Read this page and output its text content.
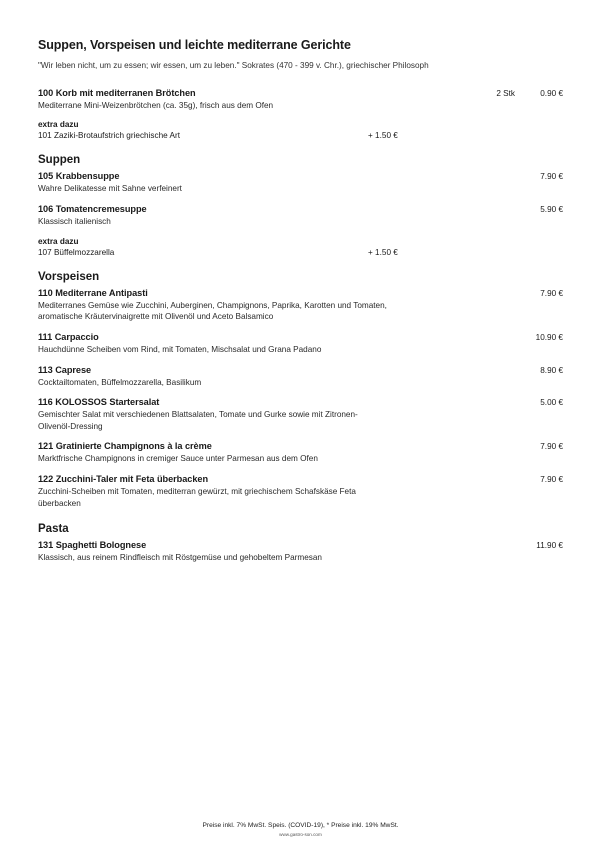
Suppen, Vorspeisen und leichte mediterrane Gerichte

"Wir leben nicht, um zu essen; wir essen, um zu leben." Sokrates (470 - 399 v. Chr.), griechischer Philosoph

100 Korb mit mediterranen Brötchen	2 Stk	0.90 €
Mediterrane Mini-Weizenbrötchen (ca. 35g), frisch aus dem Ofen
extra dazu
101 Zaziki-Brotaufstrich griechische Art	+ 1.50 €
Suppen
105 Krabbensuppe	7.90 €
Wahre Delikatesse mit Sahne verfeinert
106 Tomatencremesuppe	5.90 €
Klassisch italienisch
extra dazu
107 Büffelmozzarella	+ 1.50 €
Vorspeisen
110 Mediterrane Antipasti	7.90 €
Mediterranes Gemüse wie Zucchini, Auberginen, Champignons, Paprika, Karotten und Tomaten, aromatische Kräutervinaigrette mit Olivenöl und Aceto Balsamico
111 Carpaccio	10.90 €
Hauchdünne Scheiben vom Rind, mit Tomaten, Mischsalat und Grana Padano
113 Caprese	8.90 €
Cocktailtomaten, Büffelmozzarella, Basilikum
116 KOLOSSOS Startersalat	5.00 €
Gemischter Salat mit verschiedenen Blattsalaten, Tomate und Gurke sowie mit Zitronen-Olivenöl-Dressing
121 Gratinierte Champignons à la crème	7.90 €
Marktfrische Champignons in cremiger Sauce unter Parmesan aus dem Ofen
122 Zucchini-Taler mit Feta überbacken	7.90 €
Zucchini-Scheiben mit Tomaten, mediterran gewürzt, mit griechischem Schafskäse Feta überbacken
Pasta
131 Spaghetti Bolognese	11.90 €
Klassisch, aus reinem Rindfleisch mit Röstgemüse und gehobeltem Parmesan
Preise inkl. 7% MwSt. Speis. (COVID-19), * Preise inkl. 19% MwSt.
www.gastro-son.com
